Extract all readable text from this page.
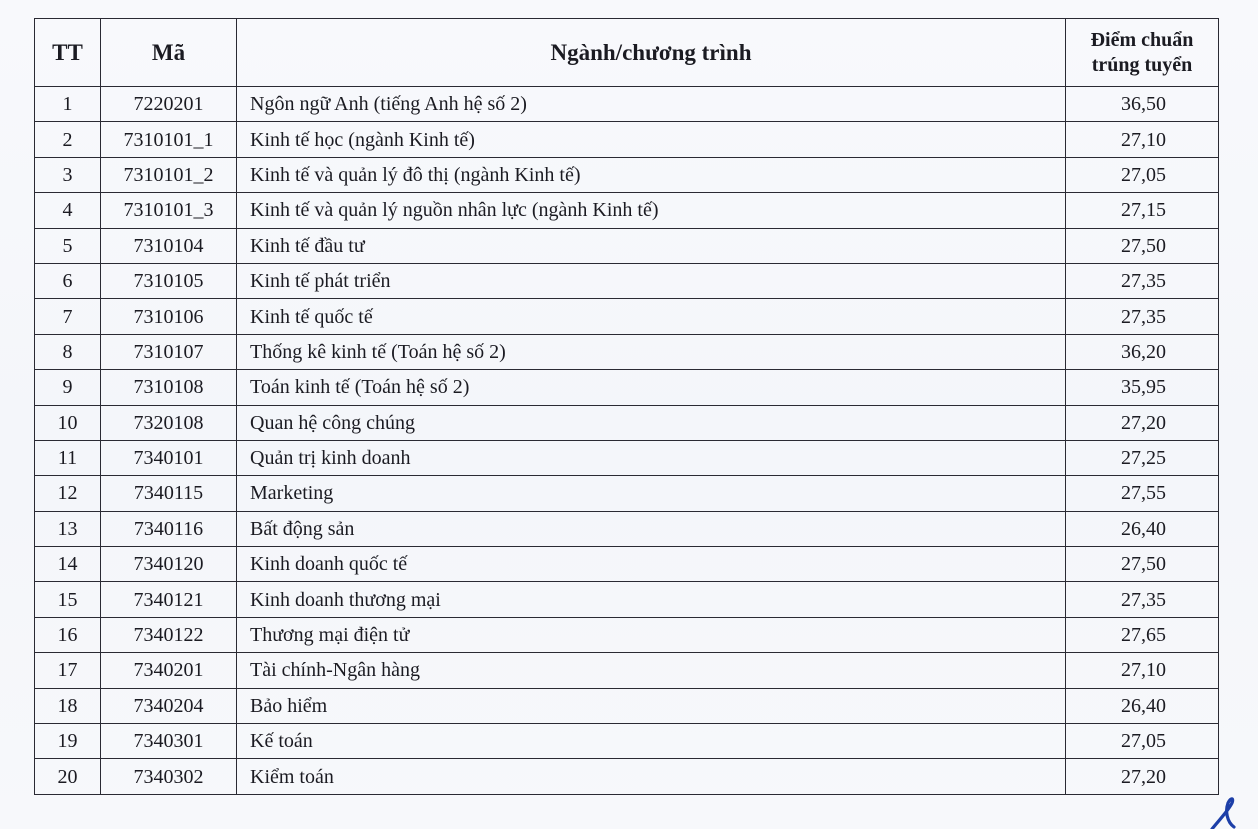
TT	Mã	Ngành/chương trình	Điểm chuẩn
trúng tuyển

1	7220201	Ngôn ngữ Anh (tiếng Anh hệ số 2)	36,50
2	7310101_1	Kinh tế học (ngành Kinh tế)	27,10
3	7310101_2	Kinh tế và quản lý đô thị (ngành Kinh tế)	27,05
4	7310101_3	Kinh tế và quản lý nguồn nhân lực (ngành Kinh tế)	27,15
5	7310104	Kinh tế đầu tư	27,50
6	7310105	Kinh tế phát triển	27,35
7	7310106	Kinh tế quốc tế	27,35
8	7310107	Thống kê kinh tế (Toán hệ số 2)	36,20
9	7310108	Toán kinh tế (Toán hệ số 2)	35,95
10	7320108	Quan hệ công chúng	27,20
11	7340101	Quản trị kinh doanh	27,25
12	7340115	Marketing	27,55
13	7340116	Bất động sản	26,40
14	7340120	Kinh doanh quốc tế	27,50
15	7340121	Kinh doanh thương mại	27,35
16	7340122	Thương mại điện tử	27,65
17	7340201	Tài chính-Ngân hàng	27,10
18	7340204	Bảo hiểm	26,40
19	7340301	Kế toán	27,05
20	7340302	Kiểm toán	27,20
